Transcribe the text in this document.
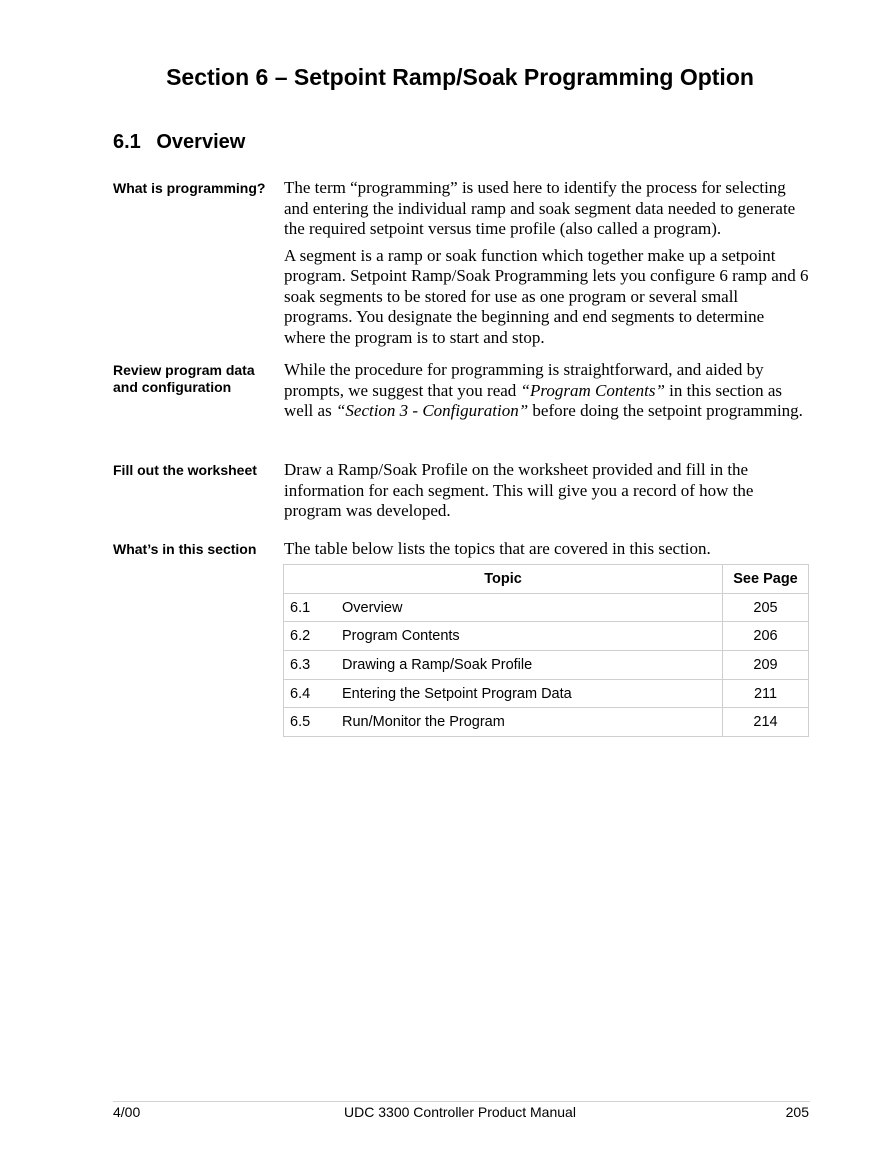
Section 6 – Setpoint Ramp/Soak Programming Option
6.1 Overview
What is programming?	The term “programming” is used here to identify the process for selecting and entering the individual ramp and soak segment data needed to generate the required setpoint versus time profile (also called a program).

A segment is a ramp or soak function which together make up a setpoint program. Setpoint Ramp/Soak Programming lets you configure 6 ramp and 6 soak segments to be stored for use as one program or several small programs. You designate the beginning and end segments to determine where the program is to start and stop.

Review program data and configuration

While the procedure for programming is straightforward, and aided by prompts, we suggest that you read “Program Contents” in this section as well as “Section 3 - Configuration” before doing the setpoint programming.

Fill out the worksheet	Draw a Ramp/Soak Profile on the worksheet provided and fill in the information for each segment. This will give you a record of how the program was developed.

What’s in this section	The table below lists the topics that are covered in this section.

Topic		See Page
6.1	Overview	205
6.2	Program Contents	206
6.3	Drawing a Ramp/Soak Profile	209
6.4	Entering the Setpoint Program Data	211
6.5	Run/Monitor the Program	214
4/00	UDC 3300 Controller Product Manual	205
